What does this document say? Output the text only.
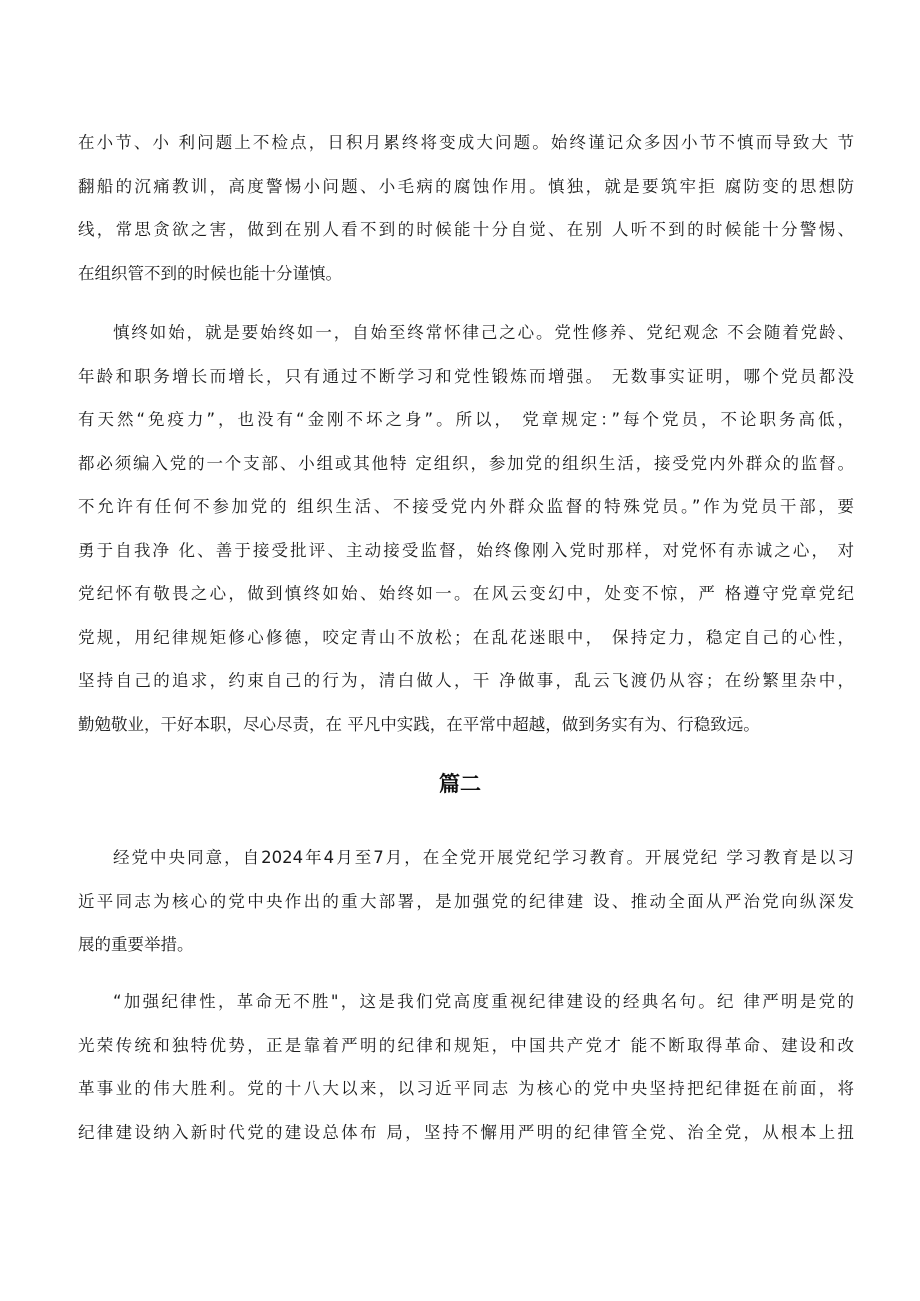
在小节、小 利问题上不检点，日积月累终将变成大问题。始终谨记众多因小节不慎而导致大 节
翻船的沉痛教训，高度警惕小问题、小毛病的腐蚀作用。慎独，就是要筑牢拒 腐防变的思想防
线，常思贪欲之害，做到在别人看不到的时候能十分自觉、在别 人听不到的时候能十分警惕、
在组织管不到的时候也能十分谨慎。
慎终如始，就是要始终如一，自始至终常怀律己之心。党性修养、党纪观念 不会随着党龄、
年龄和职务增长而增长，只有通过不断学习和党性锻炼而增强。 无数事实证明，哪个党员都没
有天然“免疫力”，也没有“金刚不坏之身”。所以， 党章规定：”每个党员，不论职务高低，
都必须编入党的一个支部、小组或其他特 定组织，参加党的组织生活，接受党内外群众的监督。
不允许有任何不参加党的 组织生活、不接受党内外群众监督的特殊党员。”作为党员干部，要
勇于自我净 化、善于接受批评、主动接受监督，始终像刚入党时那样，对党怀有赤诚之心， 对
党纪怀有敬畏之心，做到慎终如始、始终如一。在风云变幻中，处变不惊，严 格遵守党章党纪
党规，用纪律规矩修心修德，咬定青山不放松；在乱花迷眼中， 保持定力，稳定自己的心性，
坚持自己的追求，约束自己的行为，清白做人，干 净做事，乱云飞渡仍从容；在纷繁里杂中，
勤勉敬业，干好本职，尽心尽责，在 平凡中实践，在平常中超越，做到务实有为、行稳致远。
篇二
经党中央同意，自2024年4月至7月，在全党开展党纪学习教育。开展党纪 学习教育是以习
近平同志为核心的党中央作出的重大部署，是加强党的纪律建 设、推动全面从严治党向纵深发
展的重要举措。
“加强纪律性，革命无不胜"，这是我们党高度重视纪律建设的经典名句。纪 律严明是党的
光荣传统和独特优势，正是靠着严明的纪律和规矩，中国共产党才 能不断取得革命、建设和改
革事业的伟大胜利。党的十八大以来，以习近平同志 为核心的党中央坚持把纪律挺在前面，将
纪律建设纳入新时代党的建设总体布 局，坚持不懈用严明的纪律管全党、治全党，从根本上扭
